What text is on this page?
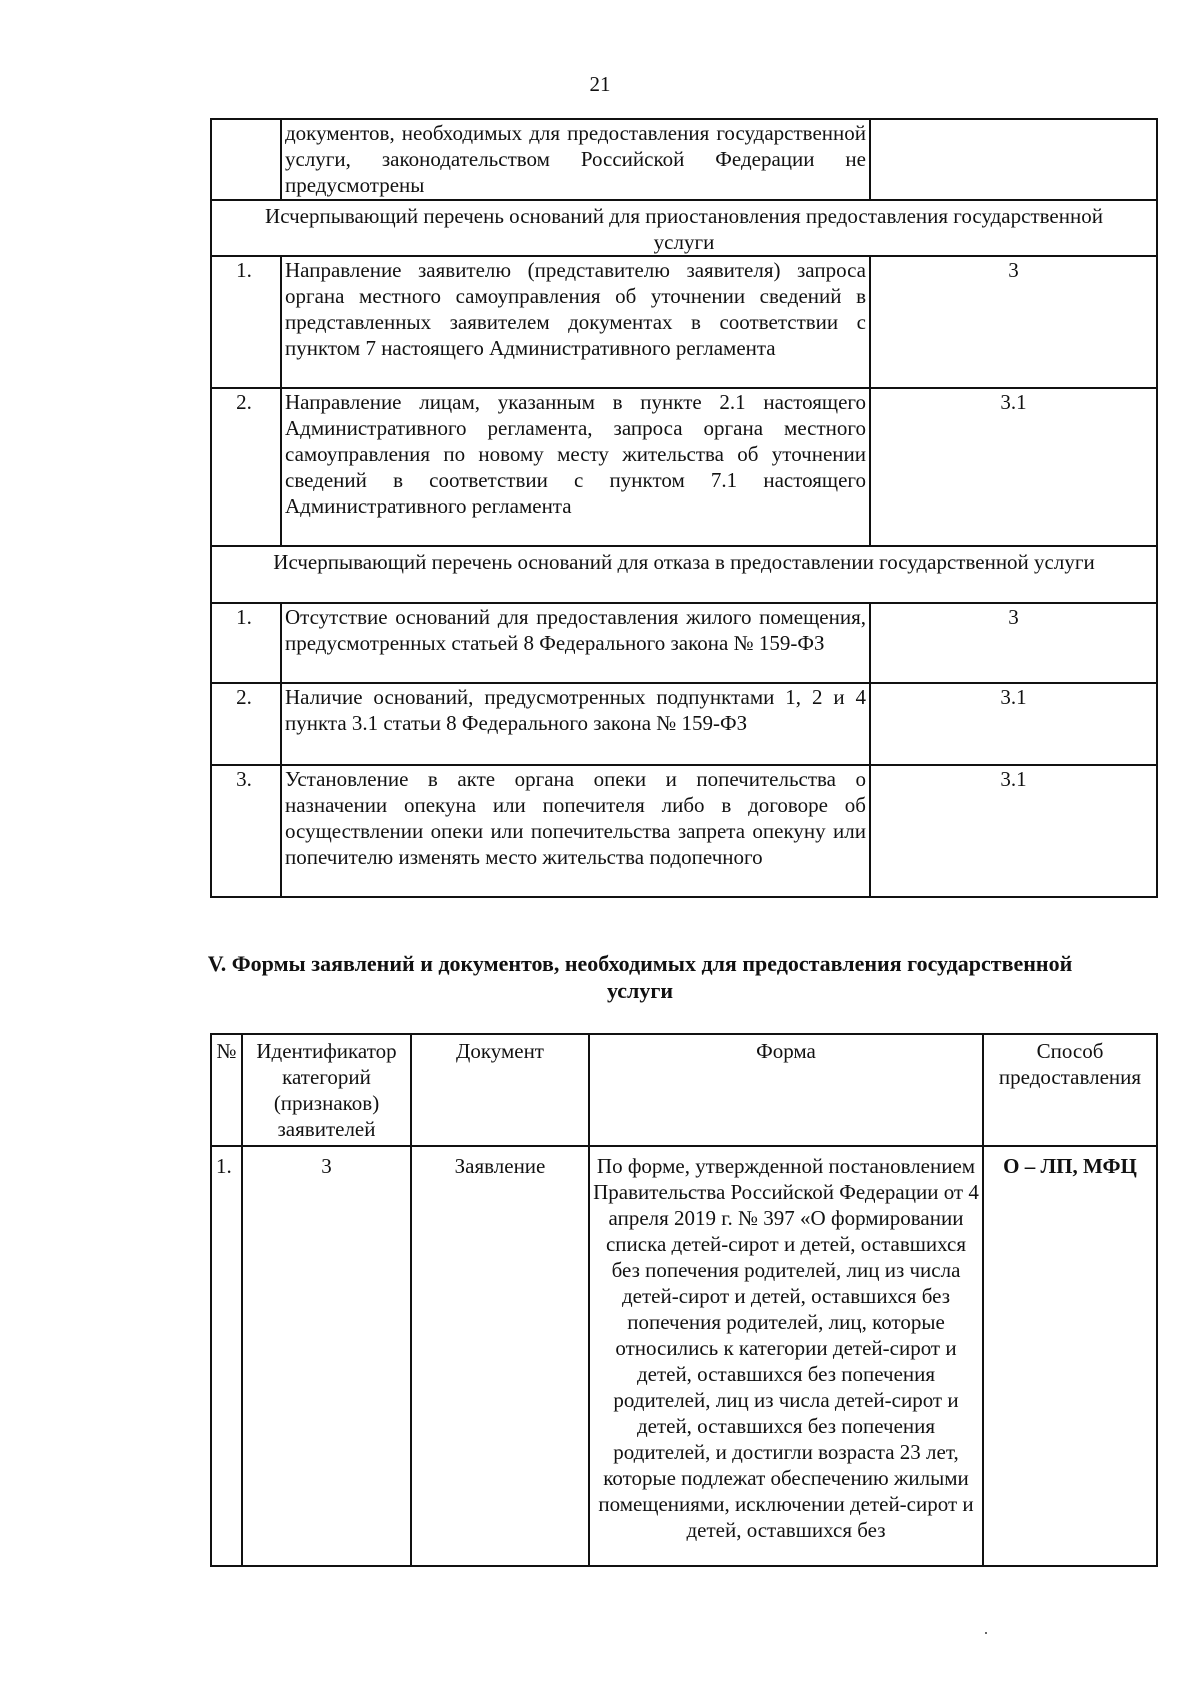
21
	документов, необходимых для предоставления государственной услуги, законодательством Российской Федерации не предусмотрены	
Исчерпывающий перечень оснований для приостановления предоставления государственной услуги		
1.	Направление заявителю (представителю заявителя) запроса органа местного самоуправления об уточнении сведений в представленных заявителем документах в соответствии с пунктом 7 настоящего Административного регламента	3
2.	Направление лицам, указанным в пункте 2.1 настоящего Административного регламента, запроса органа местного самоуправления по новому месту жительства об уточнении сведений в соответствии с пунктом 7.1 настоящего Административного регламента	3.1
Исчерпывающий перечень оснований для отказа в предоставлении государственной услуги		
1.	Отсутствие оснований для предоставления жилого помещения, предусмотренных статьей 8 Федерального закона № 159-ФЗ	3
2.	Наличие оснований, предусмотренных подпунктами 1, 2 и 4 пункта 3.1 статьи 8 Федерального закона № 159-ФЗ	3.1
3.	Установление в акте органа опеки и попечительства о назначении опекуна или попечителя либо в договоре об осуществлении опеки или попечительства запрета опекуну или попечителю изменять место жительства подопечного	3.1
V. Формы заявлений и документов, необходимых для предоставления государственной услуги
№	Идентификатор категорий (признаков) заявителей	Документ	Форма	Способ предоставления
1.	3	Заявление	По форме, утвержденной постановлением Правительства Российской Федерации от 4 апреля 2019 г. № 397 «О формировании списка детей-сирот и детей, оставшихся без попечения родителей, лиц из числа детей-сирот и детей, оставшихся без попечения родителей, лиц, которые относились к категории детей-сирот и детей, оставшихся без попечения родителей, лиц из числа детей-сирот и детей, оставшихся без попечения родителей, и достигли возраста 23 лет, которые подлежат обеспечению жилыми помещениями, исключении детей-сирот и детей, оставшихся без	О – ЛП, МФЦ
